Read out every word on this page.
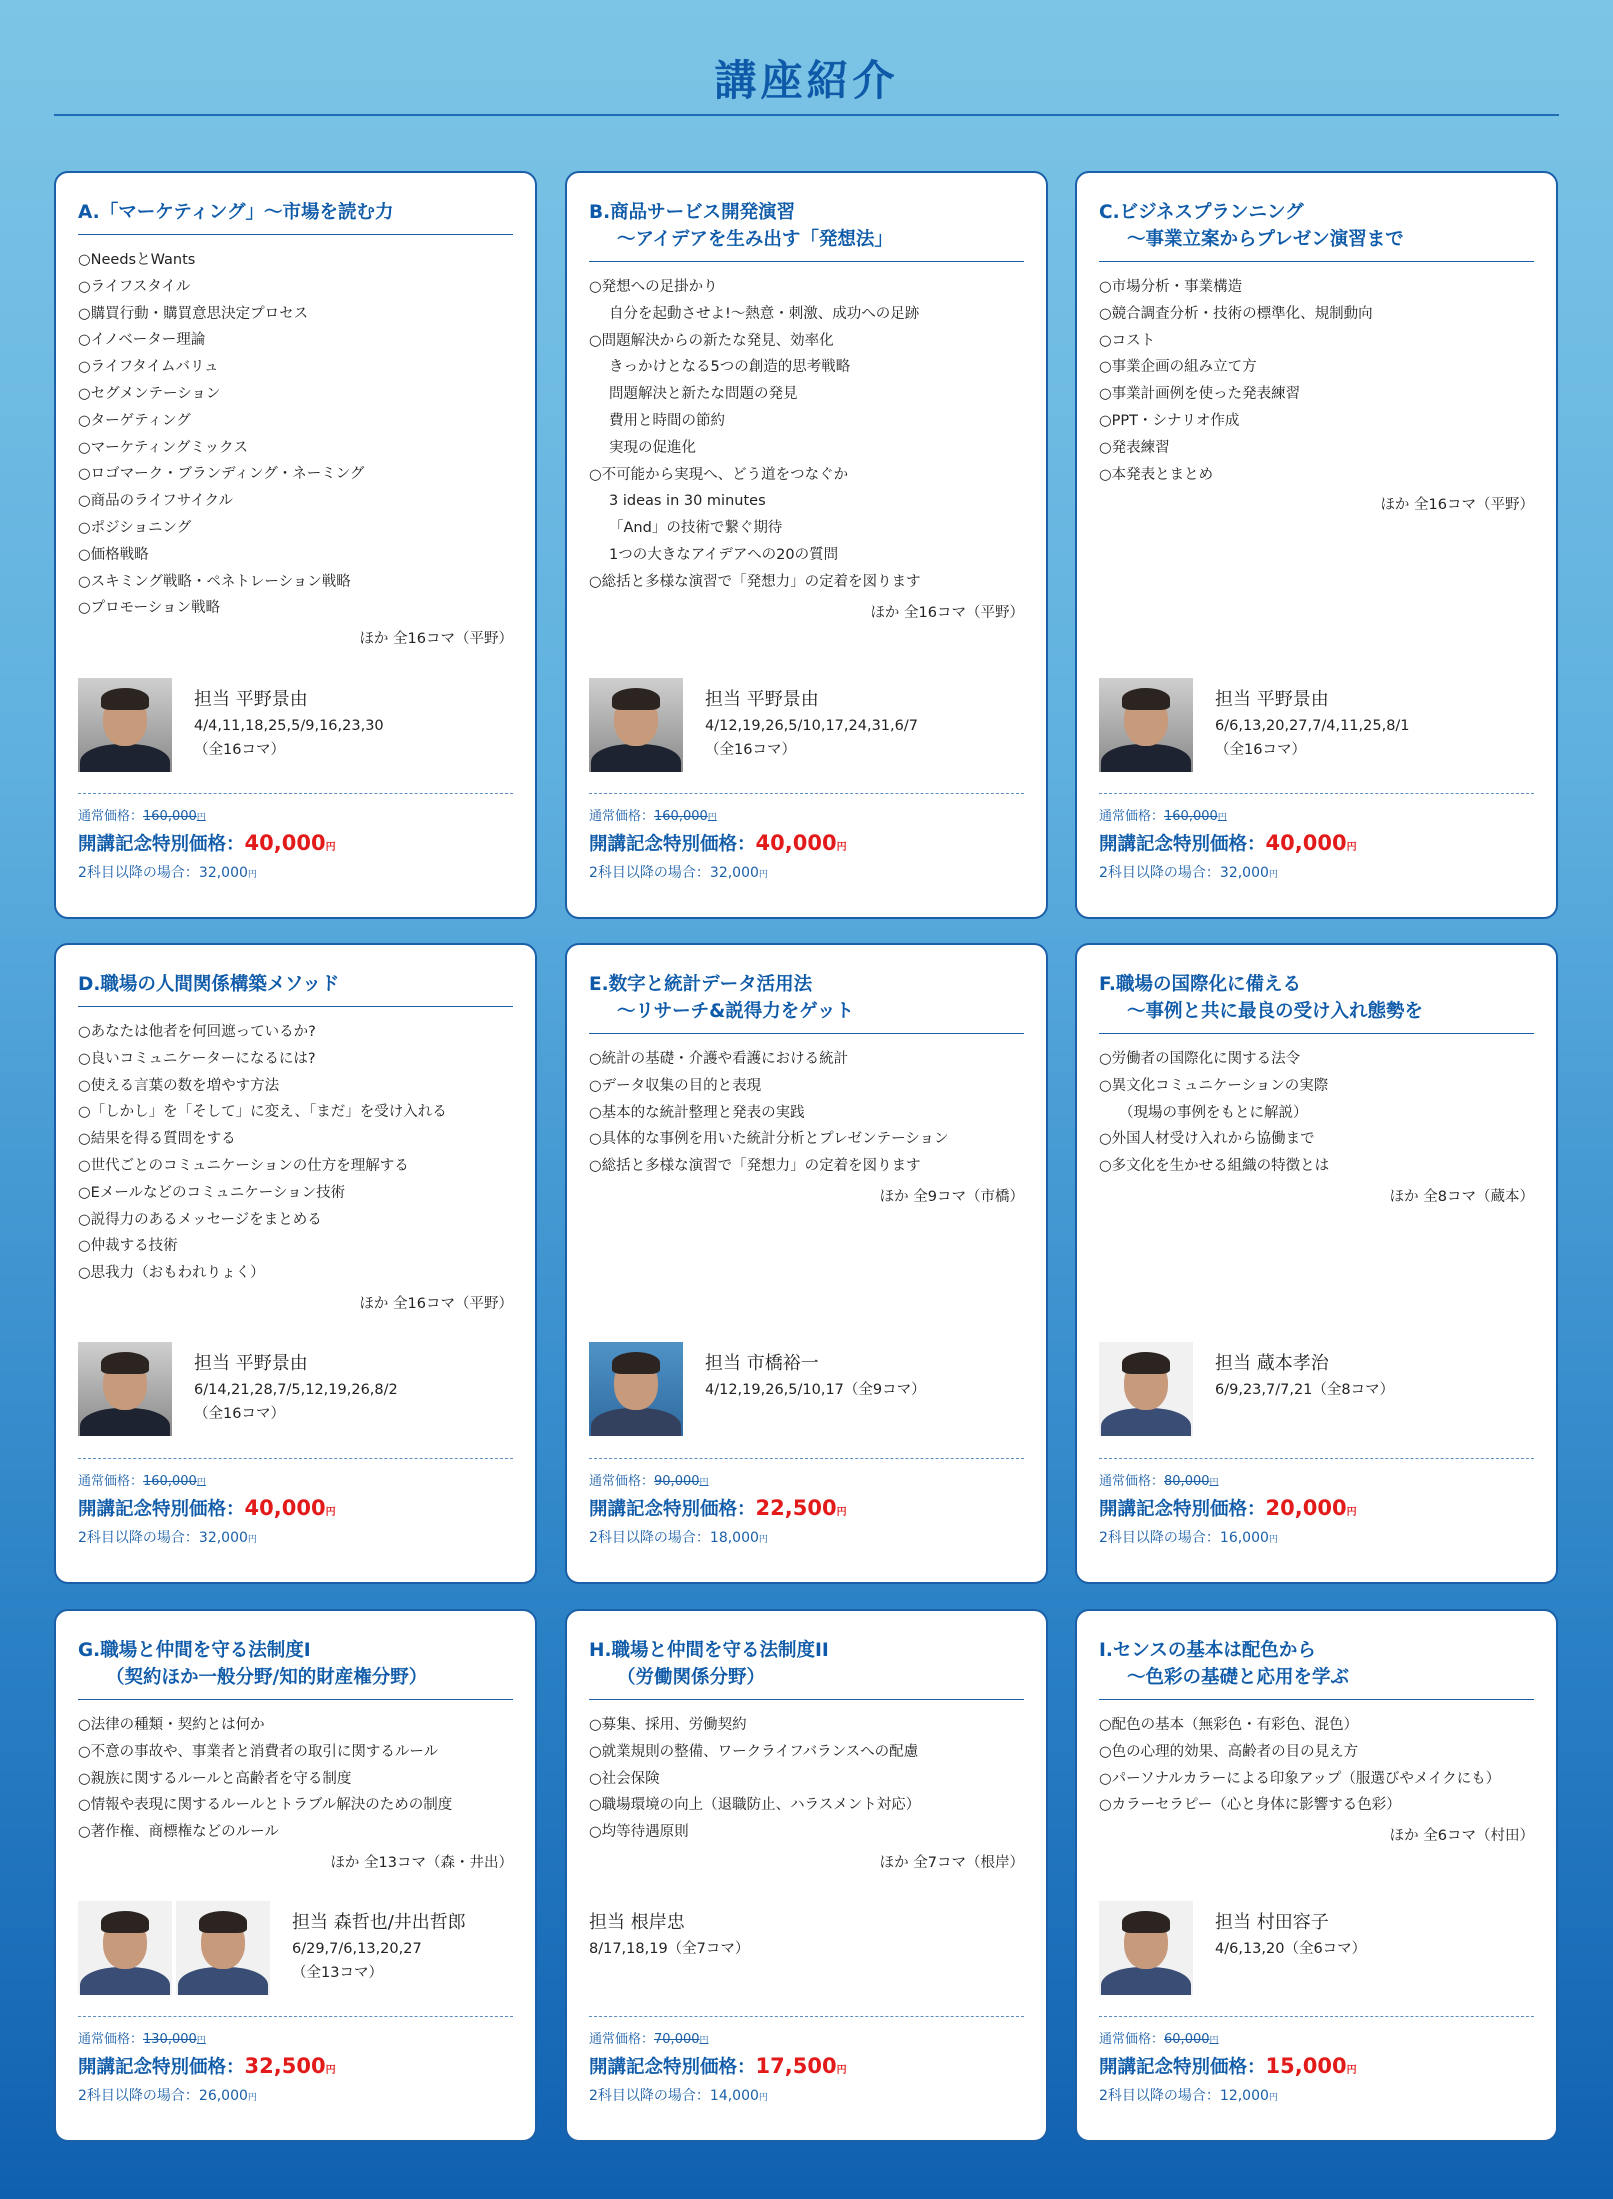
講座紹介
A.「マーケティング」～市場を読む力
○NeedsとWants
○ライフスタイル
○購買行動・購買意思決定プロセス
○イノベーター理論
○ライフタイムバリュ
○セグメンテーション
○ターゲティング
○マーケティングミックス
○ロゴマーク・ブランディング・ネーミング
○商品のライフサイクル
○ポジショニング
○価格戦略
○スキミング戦略・ペネトレーション戦略
○プロモーション戦略
ほか 全16コマ（平野）
担当 平野景由
4/4,11,18,25,5/9,16,23,30
（全16コマ）
通常価格：160,000円
開講記念特別価格：40,000円
2科目以降の場合：32,000円
B.商品サービス開発演習
～アイデアを生み出す「発想法」
○発想への足掛かり
自分を起動させよ!～熱意・刺激、成功への足跡
○問題解決からの新たな発見、効率化
きっかけとなる5つの創造的思考戦略
問題解決と新たな問題の発見
費用と時間の節約
実現の促進化
○不可能から実現へ、どう道をつなぐか
3 ideas in 30 minutes
「And」の技術で繋ぐ期待
1つの大きなアイデアへの20の質問
○総括と多様な演習で「発想力」の定着を図ります
ほか 全16コマ（平野）
担当 平野景由
4/12,19,26,5/10,17,24,31,6/7
（全16コマ）
通常価格：160,000円
開講記念特別価格：40,000円
2科目以降の場合：32,000円
C.ビジネスプランニング
～事業立案からプレゼン演習まで
○市場分析・事業構造
○競合調査分析・技術の標準化、規制動向
○コスト
○事業企画の組み立て方
○事業計画例を使った発表練習
○PPT・シナリオ作成
○発表練習
○本発表とまとめ
ほか 全16コマ（平野）
担当 平野景由
6/6,13,20,27,7/4,11,25,8/1
（全16コマ）
通常価格：160,000円
開講記念特別価格：40,000円
2科目以降の場合：32,000円
D.職場の人間関係構築メソッド
○あなたは他者を何回遮っているか?
○良いコミュニケーターになるには?
○使える言葉の数を増やす方法
○「しかし」を「そして」に変え、「まだ」を受け入れる
○結果を得る質問をする
○世代ごとのコミュニケーションの仕方を理解する
○Eメールなどのコミュニケーション技術
○説得力のあるメッセージをまとめる
○仲裁する技術
○思我力（おもわれりょく）
ほか 全16コマ（平野）
担当 平野景由
6/14,21,28,7/5,12,19,26,8/2
（全16コマ）
通常価格：160,000円
開講記念特別価格：40,000円
2科目以降の場合：32,000円
E.数字と統計データ活用法
～リサーチ&説得力をゲット
○統計の基礎・介護や看護における統計
○データ収集の目的と表現
○基本的な統計整理と発表の実践
○具体的な事例を用いた統計分析とプレゼンテーション
○総括と多様な演習で「発想力」の定着を図ります
ほか 全9コマ（市橋）
担当 市橋裕一
4/12,19,26,5/10,17（全9コマ）
通常価格：90,000円
開講記念特別価格：22,500円
2科目以降の場合：18,000円
F.職場の国際化に備える
～事例と共に最良の受け入れ態勢を
○労働者の国際化に関する法令
○異文化コミュニケーションの実際
（現場の事例をもとに解説）
○外国人材受け入れから協働まで
○多文化を生かせる組織の特徴とは
ほか 全8コマ（蔵本）
担当 蔵本孝治
6/9,23,7/7,21（全8コマ）
通常価格：80,000円
開講記念特別価格：20,000円
2科目以降の場合：16,000円
G.職場と仲間を守る法制度I
（契約ほか一般分野/知的財産権分野）
○法律の種類・契約とは何か
○不意の事故や、事業者と消費者の取引に関するルール
○親族に関するルールと高齢者を守る制度
○情報や表現に関するルールとトラブル解決のための制度
○著作権、商標権などのルール
ほか 全13コマ（森・井出）
担当 森哲也/井出哲郎
6/29,7/6,13,20,27
（全13コマ）
通常価格：130,000円
開講記念特別価格：32,500円
2科目以降の場合：26,000円
H.職場と仲間を守る法制度II
（労働関係分野）
○募集、採用、労働契約
○就業規則の整備、ワークライフバランスへの配慮
○社会保険
○職場環境の向上（退職防止、ハラスメント対応）
○均等待遇原則
ほか 全7コマ（根岸）
担当 根岸忠
8/17,18,19（全7コマ）
通常価格：70,000円
開講記念特別価格：17,500円
2科目以降の場合：14,000円
I.センスの基本は配色から
～色彩の基礎と応用を学ぶ
○配色の基本（無彩色・有彩色、混色）
○色の心理的効果、高齢者の目の見え方
○パーソナルカラーによる印象アップ（服選びやメイクにも）
○カラーセラピー（心と身体に影響する色彩）
ほか 全6コマ（村田）
担当 村田容子
4/6,13,20（全6コマ）
通常価格：60,000円
開講記念特別価格：15,000円
2科目以降の場合：12,000円
